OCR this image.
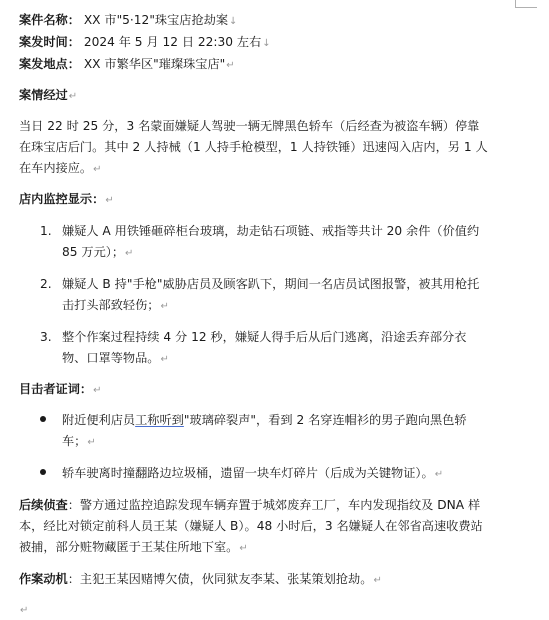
案件名称： XX 市"5·12"珠宝店抢劫案↓
案发时间： 2024 年 5 月 12 日 22:30 左右↓
案发地点： XX 市繁华区"璀璨珠宝店"↵
案情经过↵
当日 22 时 25 分，3 名蒙面嫌疑人驾驶一辆无牌黑色轿车（后经查为被盗车辆）停靠
在珠宝店后门。其中 2 人持械（1 人持手枪模型，1 人持铁锤）迅速闯入店内，另 1 人
在车内接应。↵
店内监控显示：↵
1. 嫌疑人 A 用铁锤砸碎柜台玻璃，劫走钻石项链、戒指等共计 20 余件（价值约
85 万元）；↵
2. 嫌疑人 B 持"手枪"威胁店员及顾客趴下，期间一名店员试图报警，被其用枪托
击打头部致轻伤；↵
3. 整个作案过程持续 4 分 12 秒，嫌疑人得手后从后门逃离，沿途丢弃部分衣
物、口罩等物品。↵
目击者证词：↵
附近便利店员工称听到"玻璃碎裂声"，看到 2 名穿连帽衫的男子跑向黑色轿
车；↵
轿车驶离时撞翻路边垃圾桶，遗留一块车灯碎片（后成为关键物证）。↵
后续侦查：警方通过监控追踪发现车辆弃置于城郊废弃工厂，车内发现指纹及 DNA 样
本，经比对锁定前科人员王某（嫌疑人 B）。48 小时后，3 名嫌疑人在邻省高速收费站
被捕，部分赃物藏匿于王某住所地下室。↵
作案动机：主犯王某因赌博欠债，伙同狱友李某、张某策划抢劫。↵
↵
